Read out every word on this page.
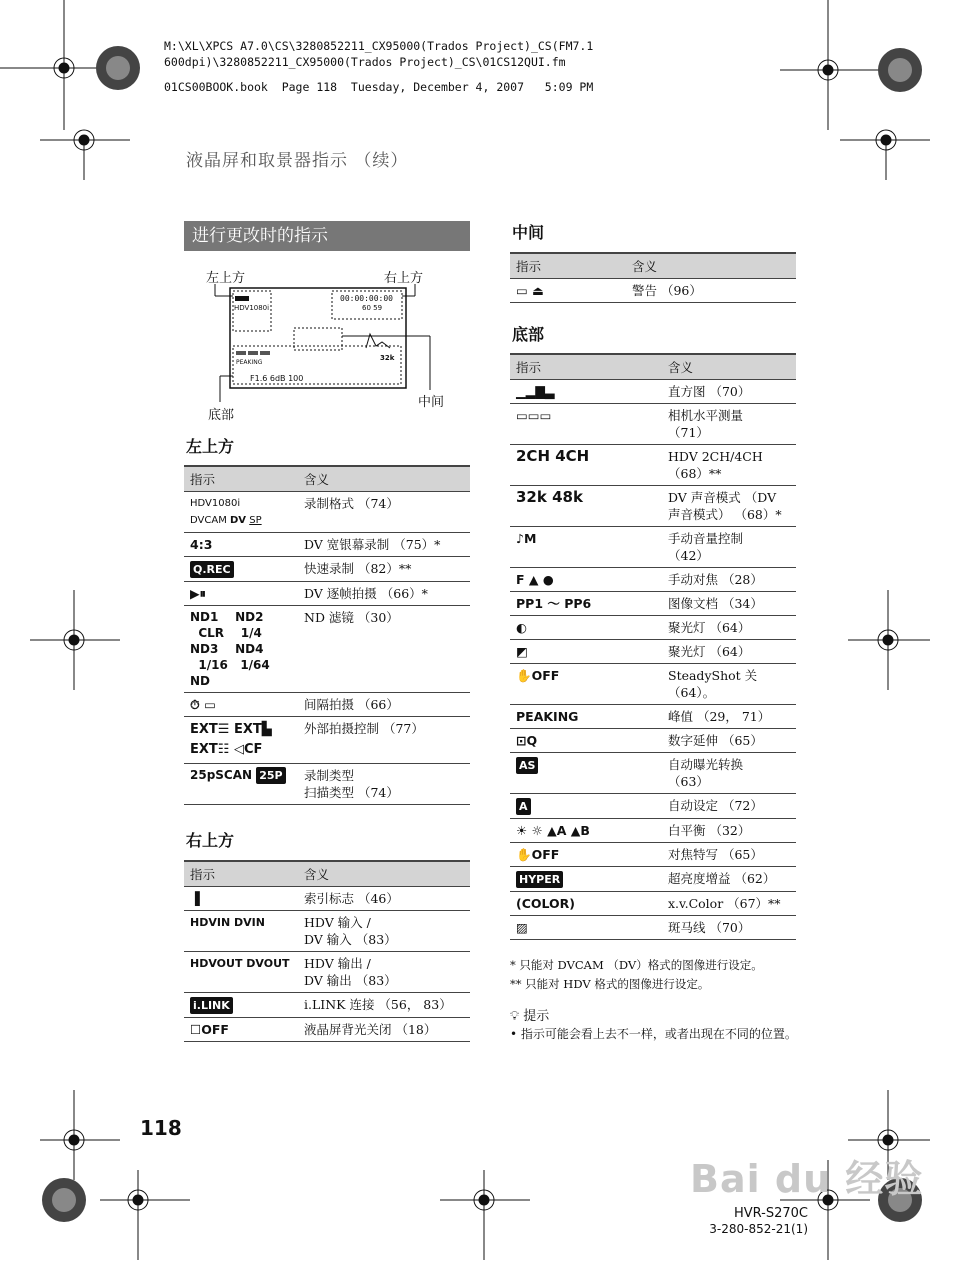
M:\XL\XPCS A7.0\CS\3280852211_CX95000(Trados Project)_CS(FM7.1
600dpi)\3280852211_CX95000(Trados Project)_CS\01CS12QUI.fm
01CS00BOOK.book  Page 118  Tuesday, December 4, 2007   5:09 PM
液晶屏和取景器指示 （续）
进行更改时的指示
左上方	右上方
HDV1080i
00:00:00:00
60 59
PEAKING
32k
F1.6 6dB 100
中间
底部
左上方
指示	含义
HDV1080i
DVCAM DV SP	录制格式 （74）
4:3	DV 宽银幕录制 （75）*
Q.REC	快速录制 （82）**
▶⏸	DV 逐帧拍摄 （66）*
ND1    ND2
CLR    1/4
ND3    ND4
1/16   1/64
ND	ND 滤镜 （30）
⏱ ▭	间隔拍摄 （66）
EXT☰ EXT▙
EXT☷ ◁CF	外部拍摄控制 （77）
25pSCAN 25P	录制类型
扫描类型 （74）
右上方
指示	含义
▐	索引标志 （46）
HDVIN DVIN	HDV 输入 /
DV 输入 （83）
HDVOUT DVOUT	HDV 输出 /
DV 输出 （83）
i.LINK	i.LINK 连接 （56， 83）
☐OFF	液晶屏背光关闭 （18）
中间
指示	含义
▭ ⏏	警告 （96）
底部
指示	含义
▁▂▇▃	直方图 （70）
▭▭▭	相机水平测量
（71）
2CH 4CH	HDV 2CH/4CH
（68）**
32k 48k	DV 声音模式 （DV
声音模式） （68）*
♪M	手动音量控制
（42）
F ▲ ●	手动对焦 （28）
PP1 ～ PP6	图像文档 （34）
◐	聚光灯 （64）
◩	聚光灯 （64）
✋OFF	SteadyShot 关
（64）。
PEAKING	峰值 （29， 71）
⊡Q	数字延伸 （65）
AS	自动曝光转换
（63）
A	自动设定 （72）
☀ ☼ ▲A ▲B	白平衡 （32）
✋OFF	对焦特写 （65）
HYPER	超亮度增益 （62）
(COLOR)	x.v.Color （67）**
▨	斑马线 （70）
* 只能对 DVCAM （DV）格式的图像进行设定。
** 只能对 HDV 格式的图像进行设定。
💡︎ 提示
• 指示可能会看上去不一样，或者出现在不同的位置。
118
Bai du 经验
HVR-S270C
3-280-852-21(1)
